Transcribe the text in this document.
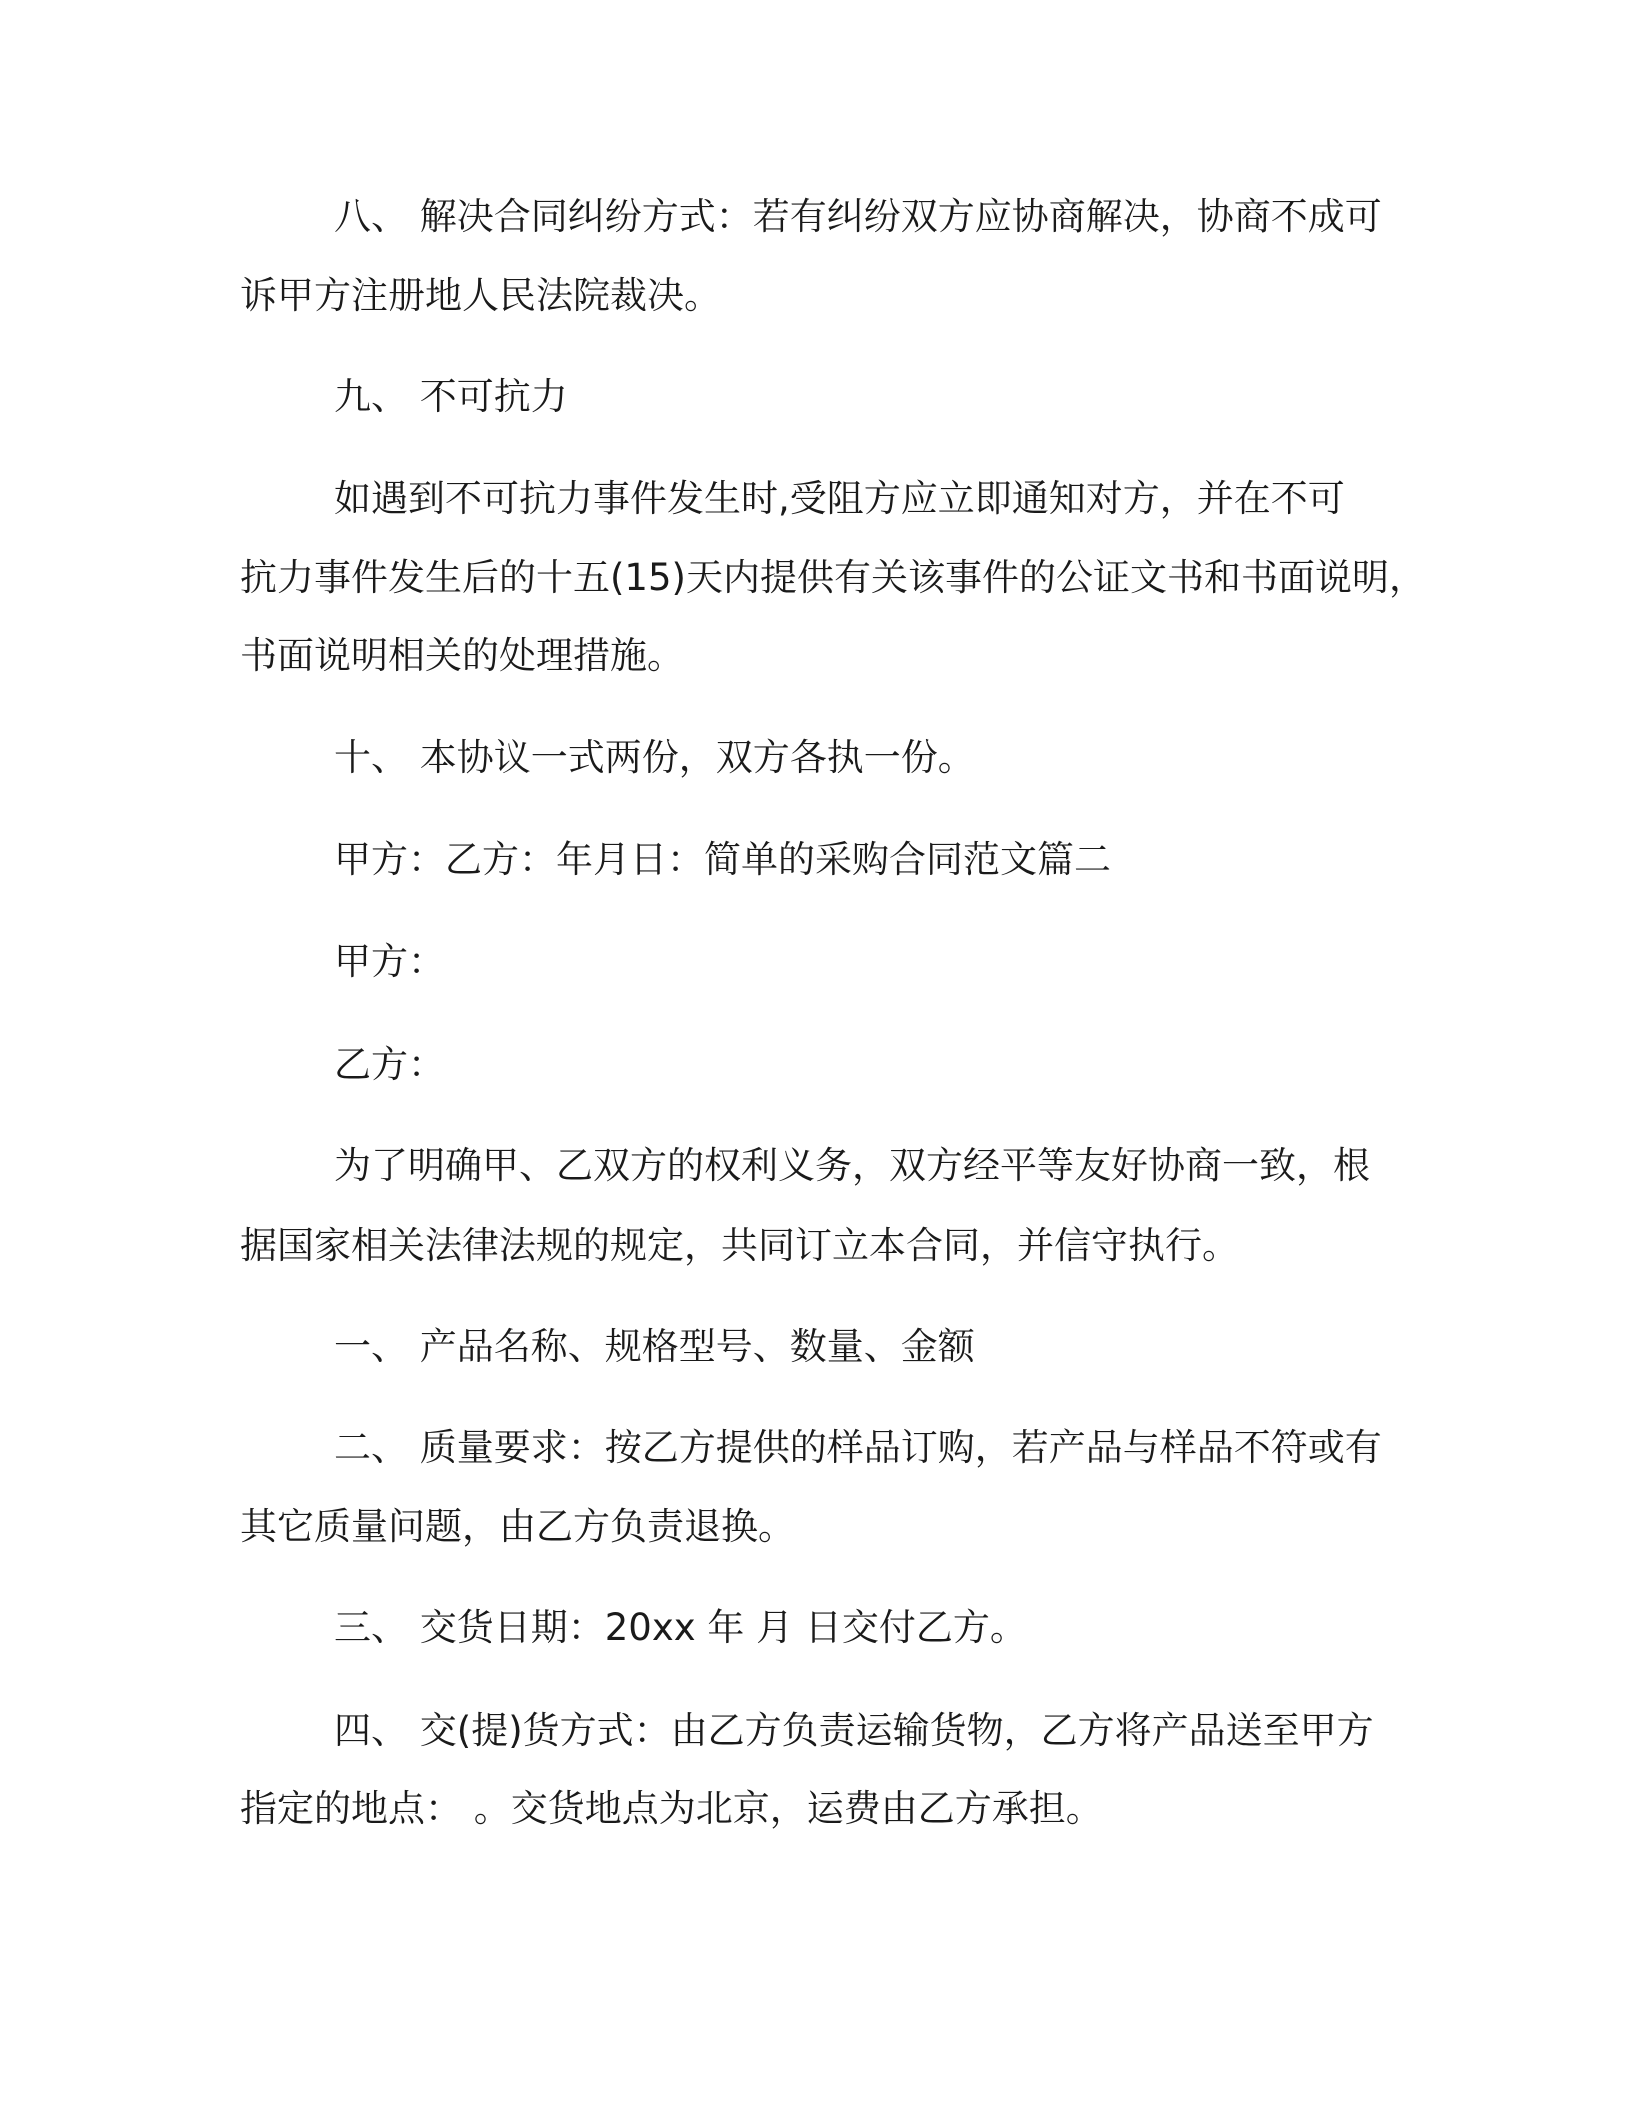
八、 解决合同纠纷方式：若有纠纷双方应协商解决，协商不成可
诉甲方注册地人民法院裁决。
九、 不可抗力
如遇到不可抗力事件发生时,受阻方应立即通知对方，并在不可
抗力事件发生后的十五(15)天内提供有关该事件的公证文书和书面说明，
书面说明相关的处理措施。
十、 本协议一式两份，双方各执一份。
甲方：乙方：年月日：简单的采购合同范文篇二
甲方：
乙方：
为了明确甲、乙双方的权利义务，双方经平等友好协商一致，根
据国家相关法律法规的规定，共同订立本合同，并信守执行。
一、 产品名称、规格型号、数量、金额
二、 质量要求：按乙方提供的样品订购，若产品与样品不符或有
其它质量问题，由乙方负责退换。
三、 交货日期：20xx 年 月 日交付乙方。
四、 交(提)货方式：由乙方负责运输货物，乙方将产品送至甲方
指定的地点： 。交货地点为北京，运费由乙方承担。
